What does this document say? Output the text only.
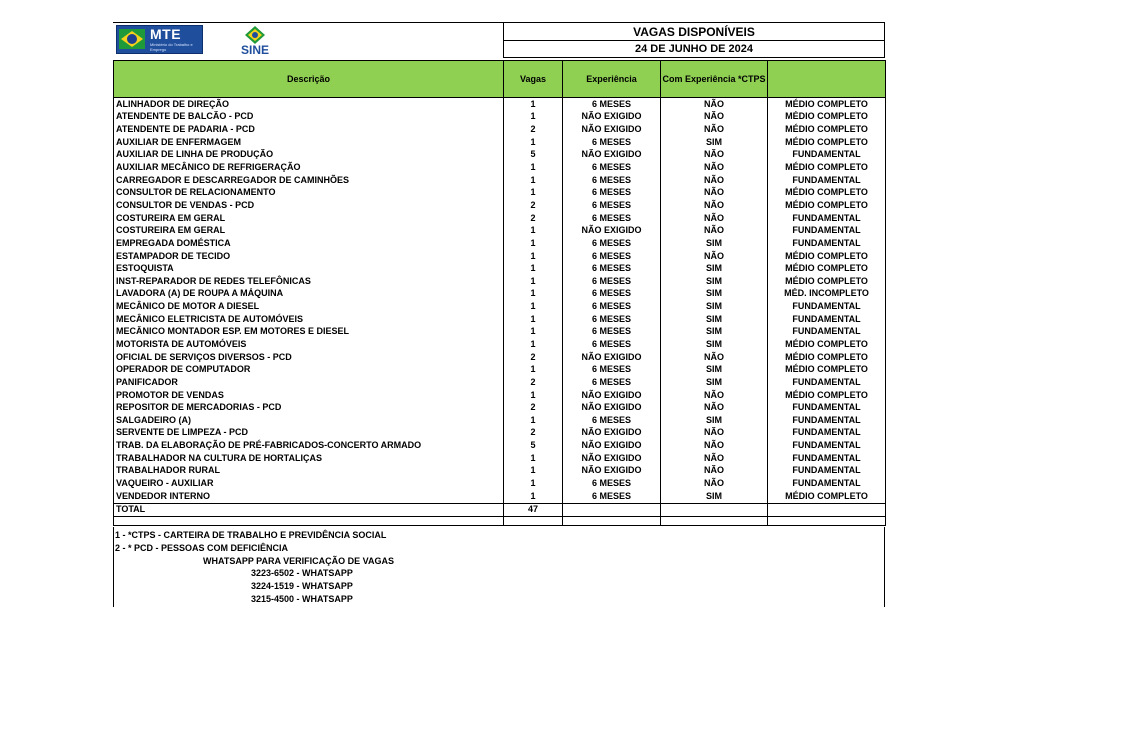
MTE
Ministério do Trabalho e Emprego	SINE
VAGAS DISPONÍVEIS
24 DE JUNHO DE 2024
Descrição	Vagas	Experiência	Com Experiência *CTPS	
ALINHADOR DE DIREÇÃO	1	6 MESES	NÃO	MÉDIO COMPLETO
ATENDENTE DE BALCÃO - PCD	1	NÃO EXIGIDO	NÃO	MÉDIO COMPLETO
ATENDENTE DE PADARIA - PCD	2	NÃO EXIGIDO	NÃO	MÉDIO COMPLETO
AUXILIAR DE ENFERMAGEM	1	6 MESES	SIM	MÉDIO COMPLETO
AUXILIAR DE LINHA DE PRODUÇÃO	5	NÃO EXIGIDO	NÃO	FUNDAMENTAL
AUXILIAR MECÂNICO DE REFRIGERAÇÃO	1	6 MESES	NÃO	MÉDIO COMPLETO
CARREGADOR E DESCARREGADOR DE CAMINHÕES	1	6 MESES	NÃO	FUNDAMENTAL
CONSULTOR DE RELACIONAMENTO	1	6 MESES	NÃO	MÉDIO COMPLETO
CONSULTOR DE VENDAS - PCD	2	6 MESES	NÃO	MÉDIO COMPLETO
COSTUREIRA EM GERAL	2	6 MESES	NÃO	FUNDAMENTAL
COSTUREIRA EM GERAL	1	NÃO EXIGIDO	NÃO	FUNDAMENTAL
EMPREGADA DOMÉSTICA	1	6 MESES	SIM	FUNDAMENTAL
ESTAMPADOR DE TECIDO	1	6 MESES	NÃO	MÉDIO COMPLETO
ESTOQUISTA	1	6 MESES	SIM	MÉDIO COMPLETO
INST-REPARADOR DE REDES TELEFÔNICAS	1	6 MESES	SIM	MÉDIO COMPLETO
LAVADORA (A) DE ROUPA A MÁQUINA	1	6 MESES	SIM	MÉD. INCOMPLETO
MECÂNICO DE MOTOR A DIESEL	1	6 MESES	SIM	FUNDAMENTAL
MECÂNICO ELETRICISTA DE AUTOMÓVEIS	1	6 MESES	SIM	FUNDAMENTAL
MECÂNICO MONTADOR ESP. EM MOTORES E DIESEL	1	6 MESES	SIM	FUNDAMENTAL
MOTORISTA DE AUTOMÓVEIS	1	6 MESES	SIM	MÉDIO COMPLETO
OFICIAL DE SERVIÇOS DIVERSOS - PCD	2	NÃO EXIGIDO	NÃO	MÉDIO COMPLETO
OPERADOR DE COMPUTADOR	1	6 MESES	SIM	MÉDIO COMPLETO
PANIFICADOR	2	6 MESES	SIM	FUNDAMENTAL
PROMOTOR DE VENDAS	1	NÃO EXIGIDO	NÃO	MÉDIO COMPLETO
REPOSITOR DE MERCADORIAS - PCD	2	NÃO EXIGIDO	NÃO	FUNDAMENTAL
SALGADEIRO (A)	1	6 MESES	SIM	FUNDAMENTAL
SERVENTE DE LIMPEZA - PCD	2	NÃO EXIGIDO	NÃO	FUNDAMENTAL
TRAB. DA ELABORAÇÃO DE PRÉ-FABRICADOS-CONCERTO ARMADO	5	NÃO EXIGIDO	NÃO	FUNDAMENTAL
TRABALHADOR NA CULTURA DE HORTALIÇAS	1	NÃO EXIGIDO	NÃO	FUNDAMENTAL
TRABALHADOR RURAL	1	NÃO EXIGIDO	NÃO	FUNDAMENTAL
VAQUEIRO - AUXILIAR	1	6 MESES	NÃO	FUNDAMENTAL
VENDEDOR INTERNO	1	6 MESES	SIM	MÉDIO COMPLETO
TOTAL	47			

1 - *CTPS - CARTEIRA DE TRABALHO E PREVIDÊNCIA SOCIAL
2 - * PCD - PESSOAS COM DEFICIÊNCIA
WHATSAPP PARA VERIFICAÇÃO DE VAGAS
3223-6502 - WHATSAPP
3224-1519 - WHATSAPP
3215-4500 - WHATSAPP
